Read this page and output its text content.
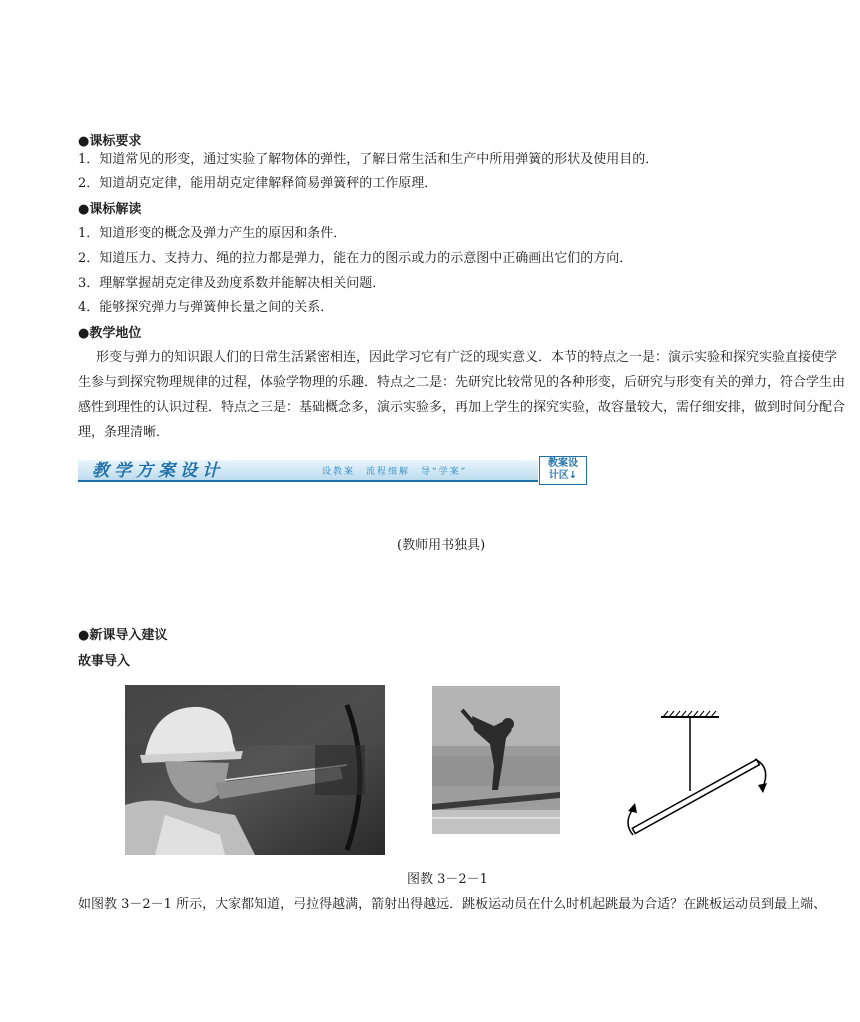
●课标要求
1．知道常见的形变，通过实验了解物体的弹性，了解日常生活和生产中所用弹簧的形状及使用目的．
2．知道胡克定律，能用胡克定律解释简易弹簧秤的工作原理．
●课标解读
1．知道形变的概念及弹力产生的原因和条件．
2．知道压力、支持力、绳的拉力都是弹力，能在力的图示或力的示意图中正确画出它们的方向．
3．理解掌握胡克定律及劲度系数并能解决相关问题．
4．能够探究弹力与弹簧伸长量之间的关系．
●教学地位
形变与弹力的知识跟人们的日常生活紧密相连，因此学习它有广泛的现实意义．本节的特点之一是：演示实验和探究实验直接使学
生参与到探究物理规律的过程，体验学物理的乐趣．特点之二是：先研究比较常见的各种形变，后研究与形变有关的弹力，符合学生由
感性到理性的认识过程．特点之三是：基础概念多，演示实验多，再加上学生的探究实验，故容量较大，需仔细安排，做到时间分配合
理，条理清晰．
教学方案设计	设教案　流程细解　导“学案”
教案设
计区↓
(教师用书独具)
●新课导入建议
故事导入
图教 3－2－1
如图教 3－2－1 所示，大家都知道，弓拉得越满，箭射出得越远．跳板运动员在什么时机起跳最为合适？在跳板运动员到最上端、
